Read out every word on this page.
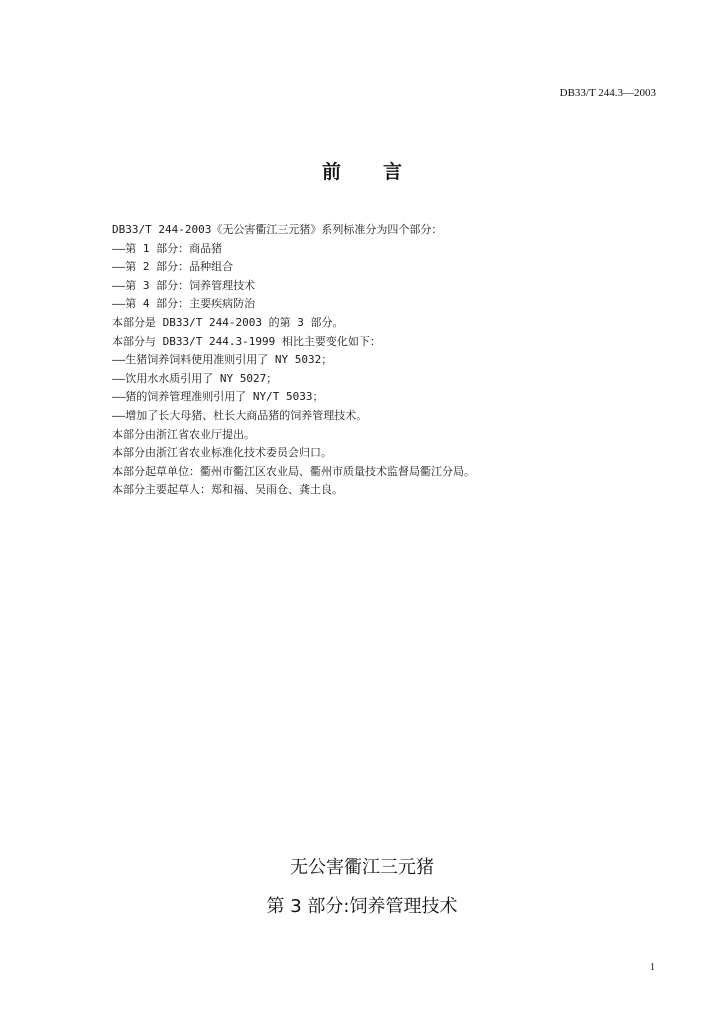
DB33/T 244.3—2003
前 言
DB33/T 244-2003《无公害衢江三元猪》系列标准分为四个部分：
——第 1 部分：商品猪
——第 2 部分：品种组合
——第 3 部分：饲养管理技术
——第 4 部分：主要疾病防治
本部分是 DB33/T 244-2003 的第 3 部分。
本部分与 DB33/T 244.3-1999 相比主要变化如下：
——生猪饲养饲料使用准则引用了 NY 5032；
——饮用水水质引用了 NY 5027；
——猪的饲养管理准则引用了 NY/T 5033；
——增加了长大母猪、杜长大商品猪的饲养管理技术。
本部分由浙江省农业厅提出。
本部分由浙江省农业标准化技术委员会归口。
本部分起草单位：衢州市衢江区农业局、衢州市质量技术监督局衢江分局。
本部分主要起草人：郑和福、吴雨仓、龚土良。
无公害衢江三元猪
第 3 部分:饲养管理技术
1
